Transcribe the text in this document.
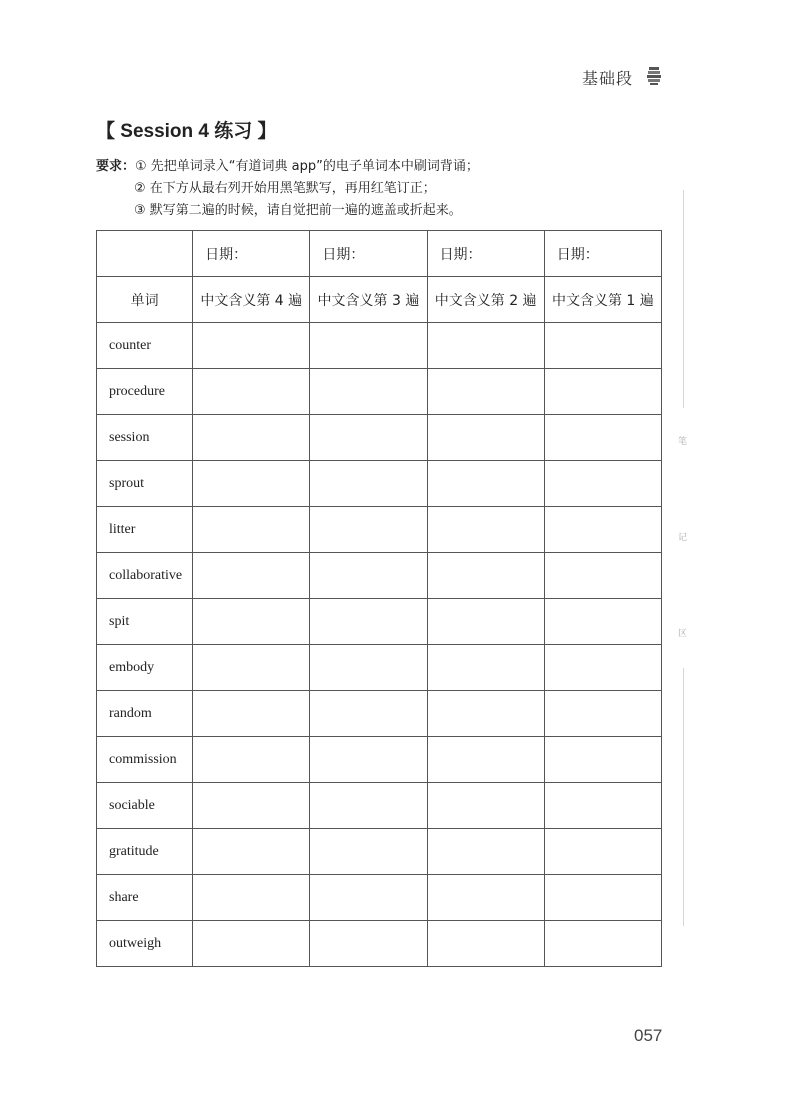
基础段
【 Session 4 练习 】
要求：① 先把单词录入“有道词典 app”的电子单词本中刷词背诵；
② 在下方从最右列开始用黑笔默写，再用红笔订正；
③ 默写第二遍的时候，请自觉把前一遍的遮盖或折起来。
	日期：	日期：	日期：	日期：
单词	中文含义第 4 遍	中文含义第 3 遍	中文含义第 2 遍	中文含义第 1 遍
counter				
procedure				
session				
sprout				
litter				
collaborative				
spit				
embody				
random				
commission				
sociable				
gratitude				
share				
outweigh				
笔
记
区
057
